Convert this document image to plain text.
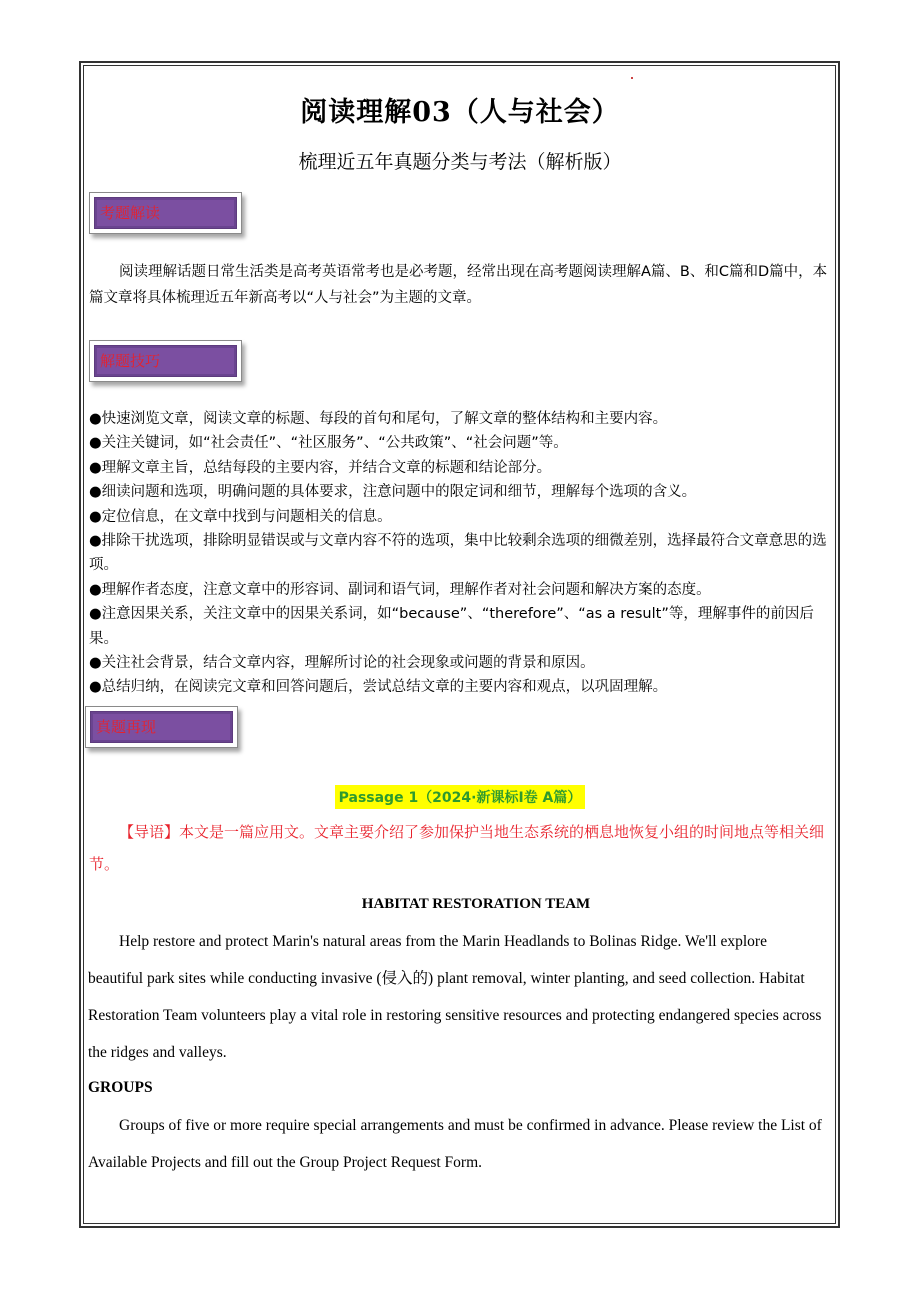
阅读理解03（人与社会）
梳理近五年真题分类与考法（解析版）
考题解读
阅读理解话题日常生活类是高考英语常考也是必考题，经常出现在高考题阅读理解A篇、B、和C篇和D篇中，本篇文章将具体梳理近五年新高考以“人与社会”为主题的文章。
解题技巧
●快速浏览文章，阅读文章的标题、每段的首句和尾句，了解文章的整体结构和主要内容。
●关注关键词，如“社会责任”、“社区服务”、“公共政策”、“社会问题”等。
●理解文章主旨，总结每段的主要内容，并结合文章的标题和结论部分。
●细读问题和选项，明确问题的具体要求，注意问题中的限定词和细节，理解每个选项的含义。
●定位信息，在文章中找到与问题相关的信息。
●排除干扰选项，排除明显错误或与文章内容不符的选项，集中比较剩余选项的细微差别，选择最符合文章意思的选项。
●理解作者态度，注意文章中的形容词、副词和语气词，理解作者对社会问题和解决方案的态度。
●注意因果关系，关注文章中的因果关系词，如“because”、“therefore”、“as a result”等，理解事件的前因后果。
●关注社会背景，结合文章内容，理解所讨论的社会现象或问题的背景和原因。
●总结归纳，在阅读完文章和回答问题后，尝试总结文章的主要内容和观点，以巩固理解。
真题再现
Passage 1（2024·新课标Ⅰ卷 A篇）
【导语】本文是一篇应用文。文章主要介绍了参加保护当地生态系统的栖息地恢复小组的时间地点等相关细节。
HABITAT RESTORATION TEAM
Help restore and protect Marin's natural areas from the Marin Headlands to Bolinas Ridge. We'll explore beautiful park sites while conducting invasive (侵入的) plant removal, winter planting, and seed collection. Habitat Restoration Team volunteers play a vital role in restoring sensitive resources and protecting endangered species across the ridges and valleys.
GROUPS
Groups of five or more require special arrangements and must be confirmed in advance. Please review the List of Available Projects and fill out the Group Project Request Form.
